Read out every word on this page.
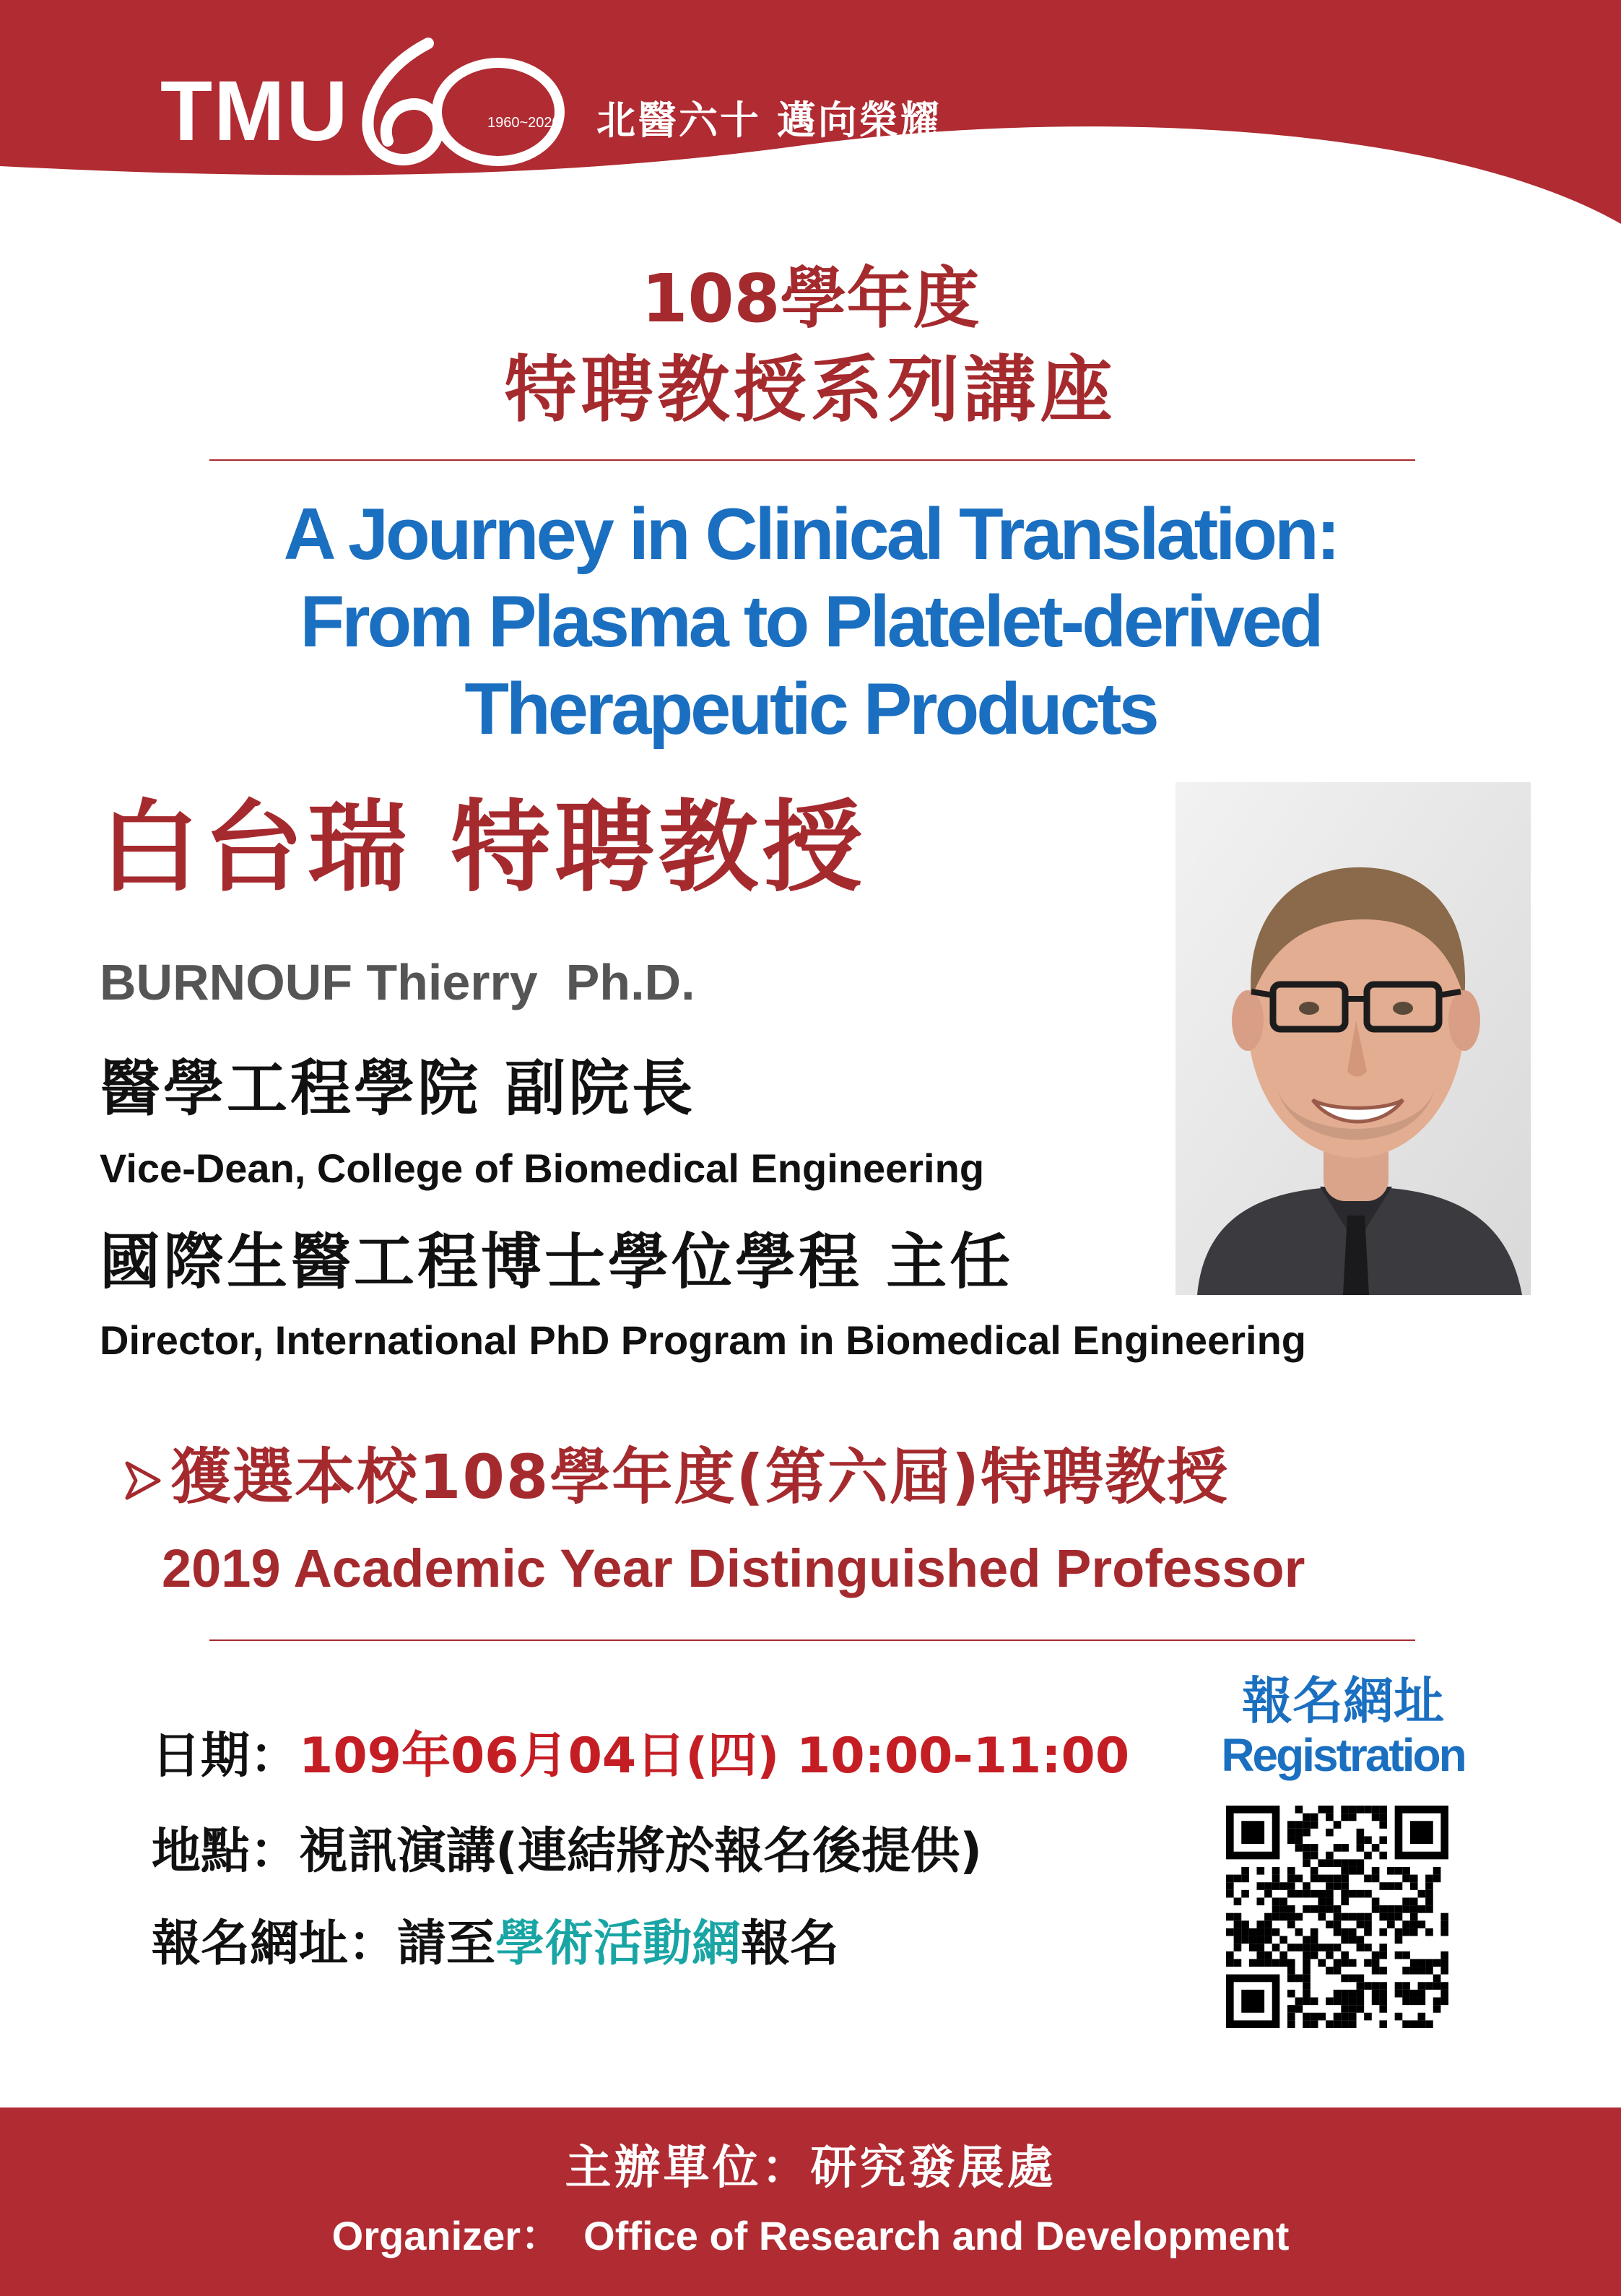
TMU	1960~2020 北醫六十 邁向榮耀
108學年度
特聘教授系列講座
A Journey in Clinical Translation:
From Plasma to Platelet-derived
Therapeutic Products
白台瑞 特聘教授
BURNOUF Thierry  Ph.D.
醫學工程學院 副院長
Vice-Dean, College of Biomedical Engineering
國際生醫工程博士學位學程 主任
Director, International PhD Program in Biomedical Engineering
獲選本校108學年度(第六屆)特聘教授
2019 Academic Year Distinguished Professor
日期：109年06月04日(四) 10:00-11:00
地點：視訊演講(連結將於報名後提供)
報名網址：請至學術活動網報名
報名網址
Registration
主辦單位：研究發展處
Organizer：  Office of Research and Development
